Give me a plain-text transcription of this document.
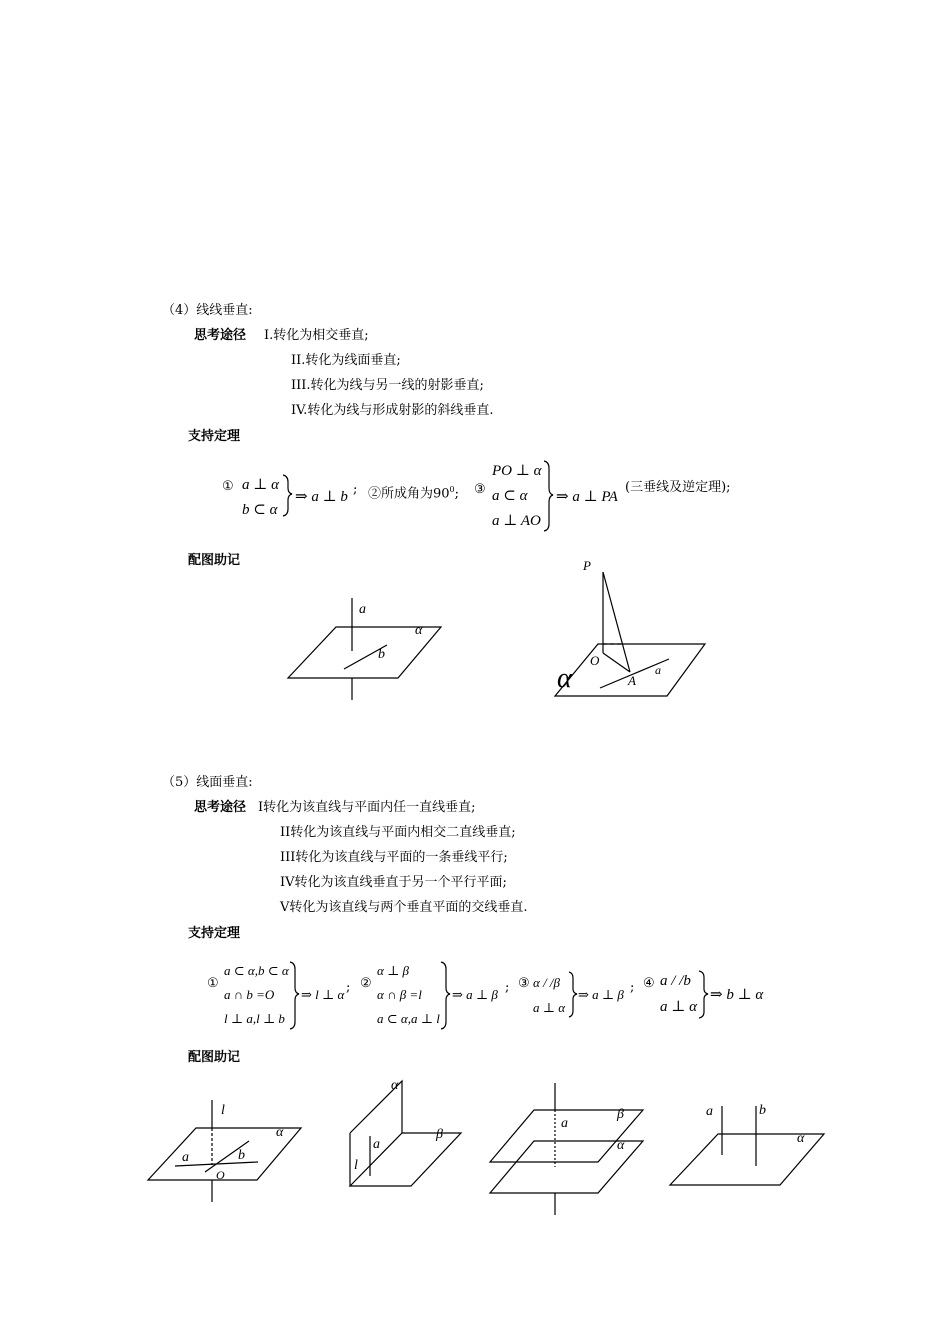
（4）线线垂直:
思考途径 I.转化为相交垂直;
II.转化为线面垂直;
III.转化为线与另一线的射影垂直;
IV.转化为线与形成射影的斜线垂直.
支持定理
① a ⊥ α
b ⊂ α
⇒ a ⊥ b ; ②所成角为$90^0$; ③
PO ⊥ α
a ⊂ α
a ⊥ AO
⇒ a ⊥ PA
(三垂线及逆定理);
配图助记
a
α
b
P
O
A
a
α
（5）线面垂直:
思考途径 I转化为该直线与平面内任一直线垂直;
II转化为该直线与平面内相交二直线垂直;
III转化为该直线与平面的一条垂线平行;
IV转化为该直线垂直于另一个平行平面;
V转化为该直线与两个垂直平面的交线垂直.
支持定理
①
a ⊂ α,b ⊂ α
a ∩ b =O
l ⊥ a,l ⊥ b
⇒ l ⊥ α ; ②
α ⊥ β
α ∩ β =l
a ⊂ α,a ⊥ l
⇒ a ⊥ β ; ③ α / /β
a ⊥ α
⇒ a ⊥ β ; ④ a / /b
a ⊥ α
⇒ b ⊥ α
配图助记
l
α
a	b
O
α
β
a
l
a
β
α
a	b
α
